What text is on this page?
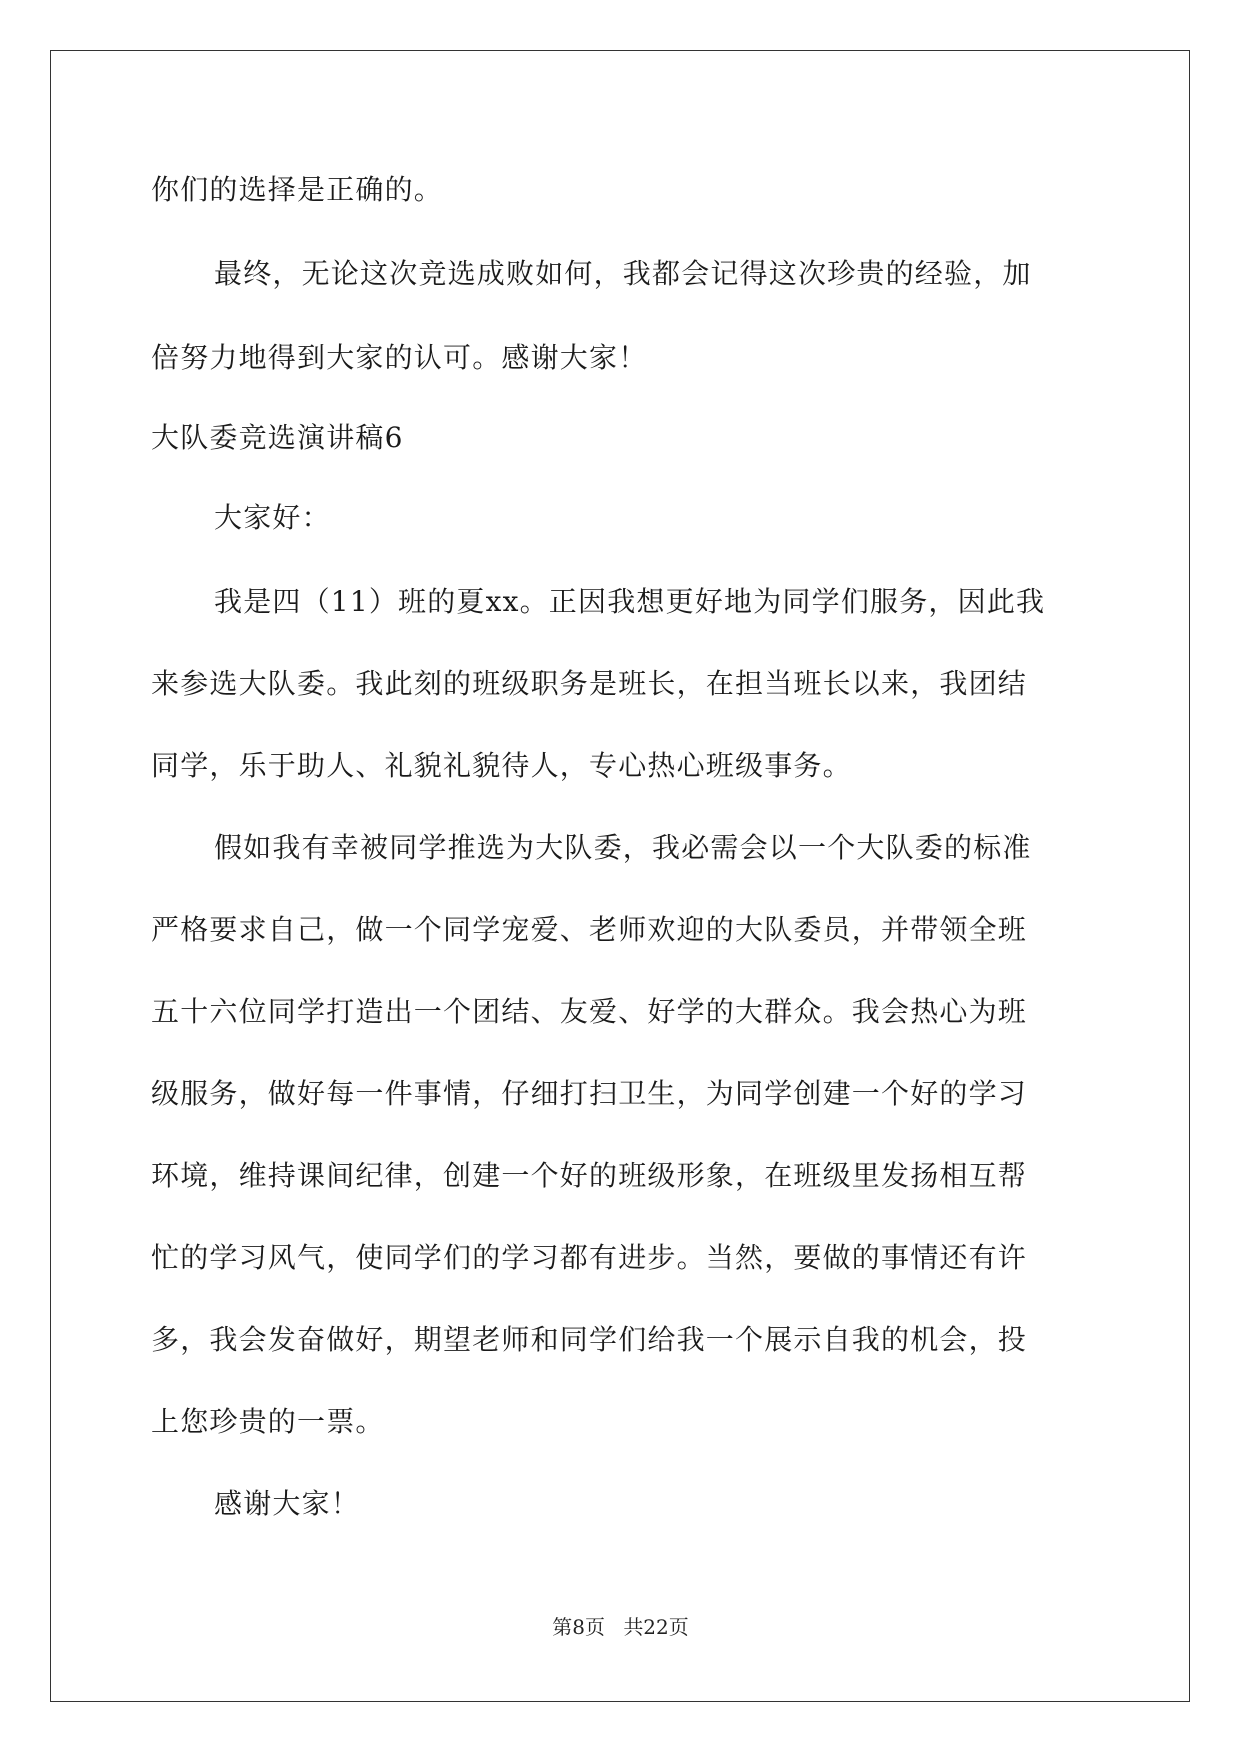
你们的选择是正确的。
最终，无论这次竞选成败如何，我都会记得这次珍贵的经验，加
倍努力地得到大家的认可。感谢大家！
大队委竞选演讲稿6
大家好：
我是四（11）班的夏xx。正因我想更好地为同学们服务，因此我
来参选大队委。我此刻的班级职务是班长，在担当班长以来，我团结
同学，乐于助人、礼貌礼貌待人，专心热心班级事务。
假如我有幸被同学推选为大队委，我必需会以一个大队委的标准
严格要求自己，做一个同学宠爱、老师欢迎的大队委员，并带领全班
五十六位同学打造出一个团结、友爱、好学的大群众。我会热心为班
级服务，做好每一件事情，仔细打扫卫生，为同学创建一个好的学习
环境，维持课间纪律，创建一个好的班级形象，在班级里发扬相互帮
忙的学习风气，使同学们的学习都有进步。当然，要做的事情还有许
多，我会发奋做好，期望老师和同学们给我一个展示自我的机会，投
上您珍贵的一票。
感谢大家！
第8页 共22页
